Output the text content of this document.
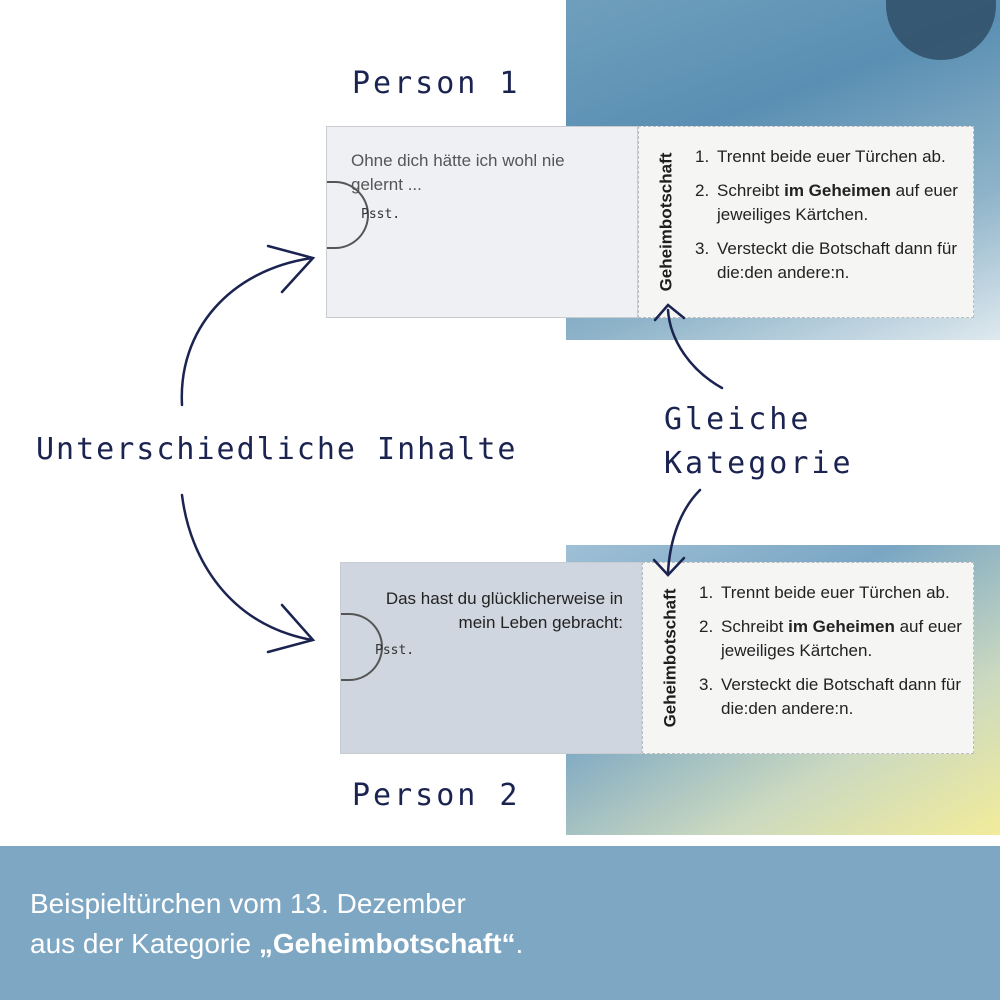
Person 1
Ohne dich hätte ich wohl nie gelernt ...
Psst.	Geheimbotschaft 1. Trennt beide euer Türchen ab.
2. Schreibt im Geheimen auf euer jeweiliges Kärtchen.
3. Versteckt die Botschaft dann für die:den andere:n.
Unterschiedliche Inhalte
Gleiche
Kategorie
Das hast du glücklicherweise in mein Leben gebracht:
Psst.	Geheimbotschaft 1. Trennt beide euer Türchen ab.
2. Schreibt im Geheimen auf euer jeweiliges Kärtchen.
3. Versteckt die Botschaft dann für die:den andere:n.
Person 2
Beispieltürchen vom 13. Dezember
aus der Kategorie „Geheimbotschaft“.
